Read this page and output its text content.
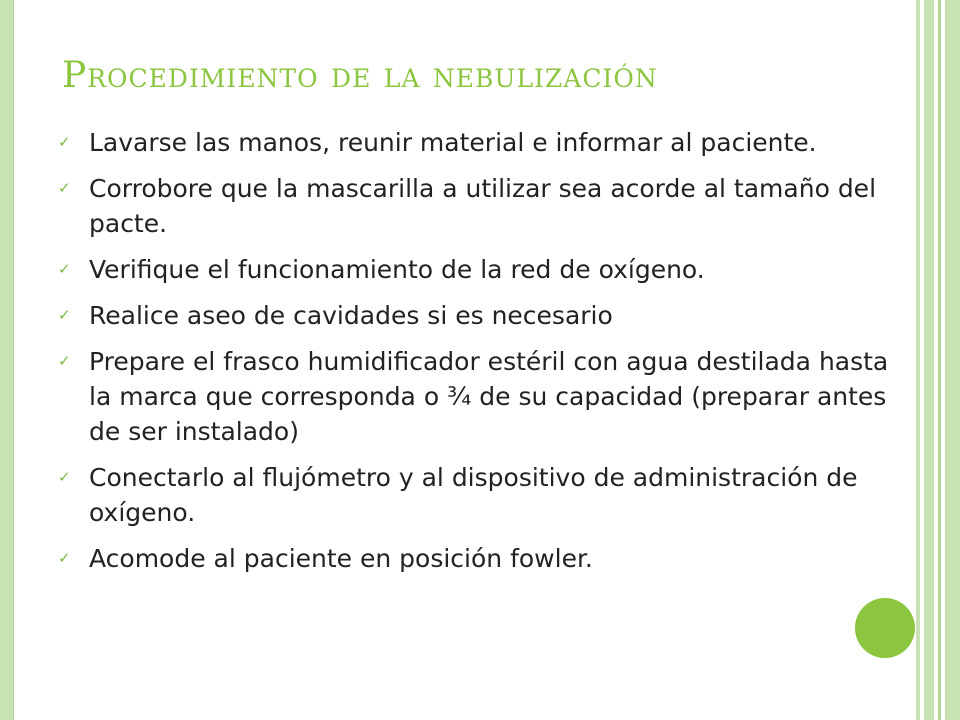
Procedimiento de la nebulización
✓ Lavarse las manos, reunir material e informar al paciente.
✓ Corrobore que la mascarilla a utilizar sea acorde al tamaño del pacte.
✓ Verifique el funcionamiento de la red de oxígeno.
✓ Realice aseo de cavidades si es necesario
✓ Prepare el frasco humidificador estéril con agua destilada hasta la marca que corresponda o ¾ de su capacidad (preparar antes de ser instalado)
✓ Conectarlo al flujómetro y al dispositivo de administración de oxígeno.
✓ Acomode al paciente en posición fowler.
